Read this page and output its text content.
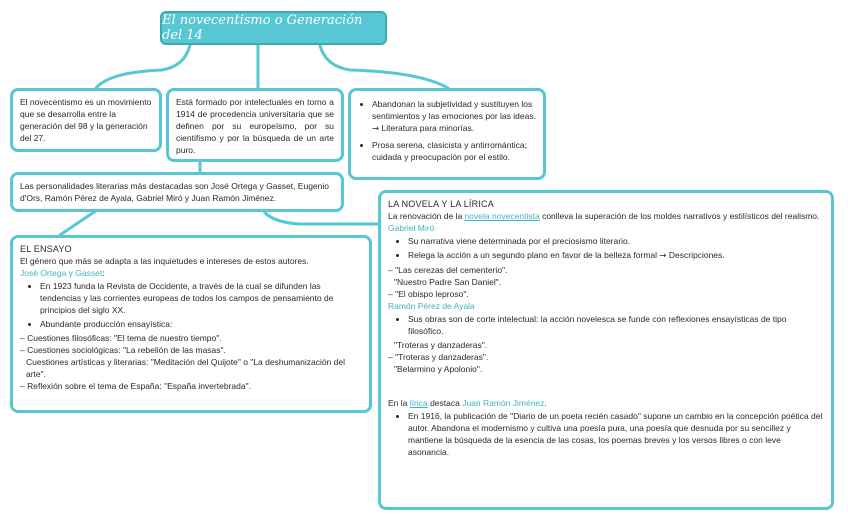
El novecentismo o Generación del 14
El novecentismo es un movimiento que se desarrolla entre la generación del 98 y la generación del 27.
Está formado por intelectuales en torno a 1914 de procedencia universitaria que se definen por su europeísmo, por su cientifismo y por la búsqueda de un arte puro.
• Abandonan la subjetividad y sustituyen los sentimientos y las emociones por las ideas. → Literatura para minorías.
• Prosa serena, clasicista y antirromántica; cuidada y preocupación por el estilo.
Las personalidades literarias más destacadas son José Ortega y Gasset, Eugenio d'Ors, Ramón Pérez de Ayala, Gabriel Miró y Juan Ramón Jiménez.
EL ENSAYO
El género que más se adapta a las inquietudes e intereses de estos autores.
José Ortega y Gasset:
• En 1923 funda la Revista de Occidente, a través de la cual se difunden las tendencias y las corrientes europeas de todos los campos de pensamiento de principios del siglo XX.
• Abundante producción ensayística:
– Cuestiones filosóficas: "El tema de nuestro tiempo".
– Cuestiones sociológicas: "La rebelión de las masas".
Cuestiones artísticas y literarias: "Meditación del Quijote" o "La deshumanización del arte".
– Reflexión sobre el tema de España: "España invertebrada".
LA NOVELA Y LA LÍRICA
La renovación de la novela novecentista conlleva la superación de los moldes narrativos y estilísticos del realismo.
Gabriel Miró
• Su narrativa viene determinada por el preciosismo literario.
• Relega la acción a un segundo plano en favor de la belleza formal → Descripciones.
– "Las cerezas del cementerio".
"Nuestro Padre San Daniel".
– "El obispo leproso".
Ramón Pérez de Ayala
• Sus obras son de corte intelectual: la acción novelesca se funde con reflexiones ensayísticas de tipo filosófico.
"Troteras y danzaderas".
– "Troteras y danzaderas".
"Belarmino y Apolonio".
En la lírica destaca Juan Ramón Jiménez.
• En 1916, la publicación de "Diario de un poeta recién casado" supone un cambio en la concepción poética del autor. Abandona el modernismo y cultiva una poesía pura, una poesía que desnuda por su sencillez y mantiene la búsqueda de la esencia de las cosas, los poemas breves y los versos libres o con leve asonancia.
